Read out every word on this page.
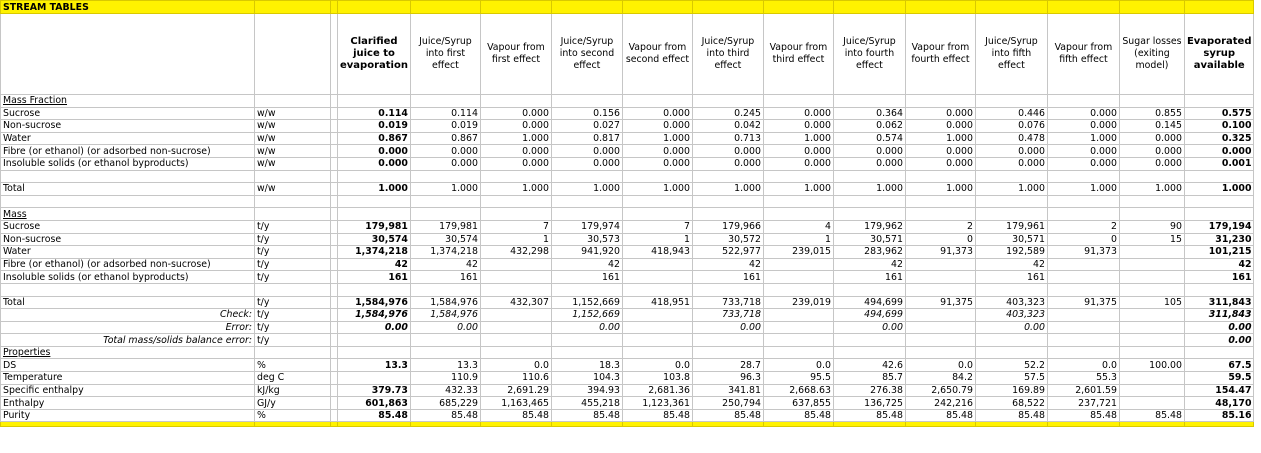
STREAM TABLES															
			Clarified juice to evaporation	Juice/Syrup into first effect	Vapour from first effect	Juice/Syrup into second effect	Vapour from second effect	Juice/Syrup into third effect	Vapour from third effect	Juice/Syrup into fourth effect	Vapour from fourth effect	Juice/Syrup into fifth effect	Vapour from fifth effect	Sugar losses (exiting model)	Evaporated syrup available
Mass Fraction															
Sucrose	w/w		0.114	0.114	0.000	0.156	0.000	0.245	0.000	0.364	0.000	0.446	0.000	0.855	0.575
Non-sucrose	w/w		0.019	0.019	0.000	0.027	0.000	0.042	0.000	0.062	0.000	0.076	0.000	0.145	0.100
Water	w/w		0.867	0.867	1.000	0.817	1.000	0.713	1.000	0.574	1.000	0.478	1.000	0.000	0.325
Fibre (or ethanol) (or adsorbed non-sucrose)	w/w		0.000	0.000	0.000	0.000	0.000	0.000	0.000	0.000	0.000	0.000	0.000	0.000	0.000
Insoluble solids (or ethanol byproducts)	w/w		0.000	0.000	0.000	0.000	0.000	0.000	0.000	0.000	0.000	0.000	0.000	0.000	0.001

Total	w/w		1.000	1.000	1.000	1.000	1.000	1.000	1.000	1.000	1.000	1.000	1.000	1.000	1.000

Mass															
Sucrose	t/y		179,981	179,981	7	179,974	7	179,966	4	179,962	2	179,961	2	90	179,194
Non-sucrose	t/y		30,574	30,574	1	30,573	1	30,572	1	30,571	0	30,571	0	15	31,230
Water	t/y		1,374,218	1,374,218	432,298	941,920	418,943	522,977	239,015	283,962	91,373	192,589	91,373		101,215
Fibre (or ethanol) (or adsorbed non-sucrose)	t/y		42	42		42		42		42		42			42
Insoluble solids (or ethanol byproducts)	t/y		161	161		161		161		161		161			161

Total	t/y		1,584,976	1,584,976	432,307	1,152,669	418,951	733,718	239,019	494,699	91,375	403,323	91,375	105	311,843
Check:	t/y		1,584,976	1,584,976		1,152,669		733,718		494,699		403,323			311,843
Error:	t/y		0.00	0.00		0.00		0.00		0.00		0.00			0.00
Total mass/solids balance error:	t/y														0.00
Properties															
DS	%		13.3	13.3	0.0	18.3	0.0	28.7	0.0	42.6	0.0	52.2	0.0	100.00	67.5
Temperature	deg C			110.9	110.6	104.3	103.8	96.3	95.5	85.7	84.2	57.5	55.3		59.5
Specific enthalpy	kJ/kg		379.73	432.33	2,691.29	394.93	2,681.36	341.81	2,668.63	276.38	2,650.79	169.89	2,601.59		154.47
Enthalpy	GJ/y		601,863	685,229	1,163,465	455,218	1,123,361	250,794	637,855	136,725	242,216	68,522	237,721		48,170
Purity	%		85.48	85.48	85.48	85.48	85.48	85.48	85.48	85.48	85.48	85.48	85.48	85.48	85.16
